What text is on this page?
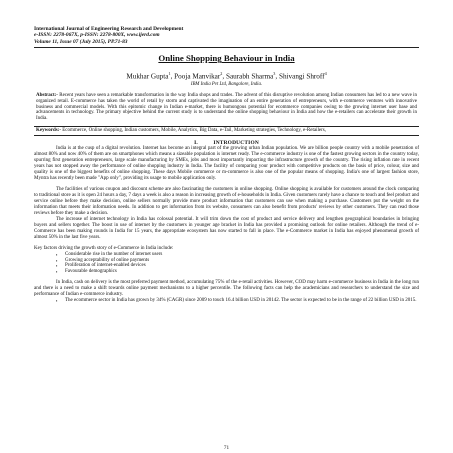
International Journal of Engineering Research and Development
e-ISSN: 2278-067X, p-ISSN: 2278-800X, www.ijerd.com
Volume 11, Issue 07 (July 2015), PP.71-83
Online Shopping Behaviour in India
Mukhar Gupta$^1$, Pooja Manvikar$^2$, Saurabh Sharma$^3$, Shivangi Shroff$^4$
IBM India Pvt Ltd, Bangalore, India.
Abstract:- Recent years have seen a remarkable transformation in the way India shops and trades. The advent of this disruptive revolution among Indian consumers has led to a new wave in organized retail. E-commerce has taken the world of retail by storm and captivated the imagination of an entire generation of entrepreneurs, with e-commerce ventures with innovative business and commercial models. With this epitomic change in Indian e-market, there is humongous potential for ecommerce companies owing to the growing internet user base and advancements in technology. The primary objective behind the current study is to understand the online shopping behaviour in India and how the e-retailers can accelerate their growth in India.
Keywords:- Ecommerce, Online shopping, Indian customers, Mobile, Analytics, Big Data, e-Tail, Marketing strategies, Technology, e-Retailers,
I.	INTRODUCTION

India is at the cusp of a digital revolution. Internet has become an integral part of the growing urban Indian population. We are billion people country with a mobile penetration of almost 80% and now 40% of them are on smartphones which means a sizeable population is internet ready. The e-commerce industry is one of the fastest growing sectors in the country today, spurring first generation entrepreneurs, large scale manufacturing by SMEs, jobs and most importantly impacting the infrastructure growth of the country. The rising inflation rate in recent years has not stopped away the performance of online shopping industry in India. The facility of comparing your product with competitive products on the basis of price, colour, size and quality is one of the biggest benefits of online shopping. These days Mobile commerce or m-commerce is also one of the popular means of shopping. India's one of largest fashion store, Myntra has recently been made "App only", providing its usage to mobile application only.

The facilities of various coupon and discount scheme are also fascinating the customers in online shopping. Online shopping is available for customers around the clock comparing to traditional store as it is open 24 hours a day, 7 days a week is also a reason in increasing growth of e-households in India. Given customers rarely have a chance to touch and feel product and service online before they make decision, online sellers normally provide more product information that customers can use when making a purchase. Customers put the weight on the information that meets their information needs. In addition to get information from its website, consumers can also benefit from products' reviews by other customers. They can read those reviews before they make a decision.

The increase of internet technology in India has colossal potential. It will trim down the cost of product and service delivery and lengthen geographical boundaries in bringing buyers and sellers together. The boost in use of internet by the customers in younger age bracket in India has provided a promising outlook for online retailers. Although the trend of e-Commerce has been making rounds in India for 15 years, the appropriate ecosystem has now started to fall in place. The e-Commerce market in India has enjoyed phenomenal growth of almost 50% in the last five years.

Key factors driving the growth story of e-Commerce in India include:

▪ Considerable rise in the number of internet users
▪ Growing acceptability of online payments
▪ Proliferation of internet-enabled devices
▪ Favourable demographics

In India, cash on delivery is the most preferred payment method, accumulating 75% of the e-retail activities. However, COD may harm e-commerce business in India in the long run and there is a need to make a shift towards online payment mechanisms to a higher percentile. The following facts can help the academicians and researchers to understand the size and performance of Indian e-commerce industry.

▪ The ecommerce sector in India has grown by 34% (CAGR) since 2009 to touch 16.4 billion USD in 20142. The sector is expected to be in the range of 22 billion USD in 2015.
71
